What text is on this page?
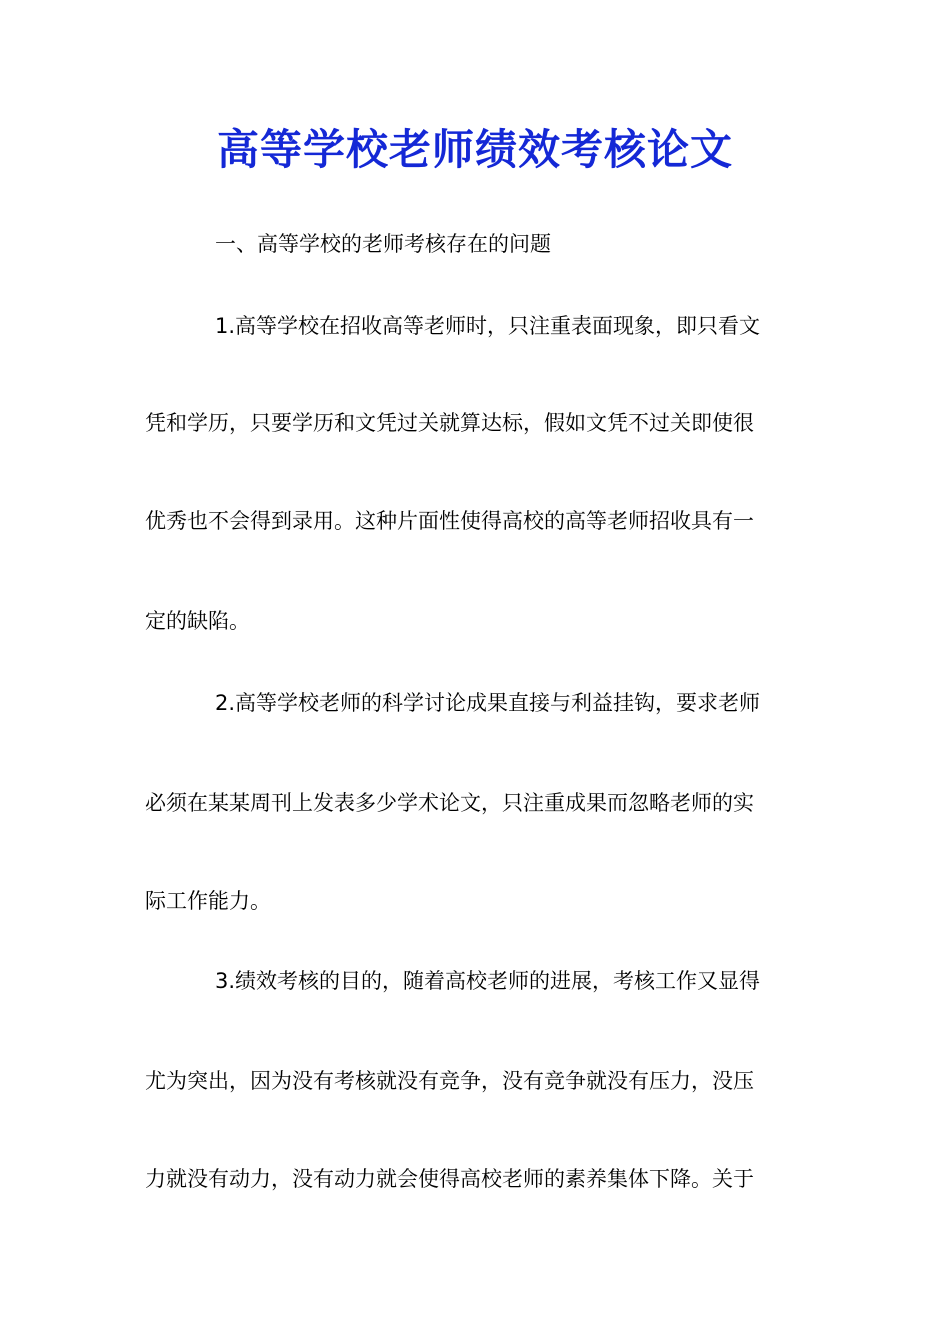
高等学校老师绩效考核论文
一、高等学校的老师考核存在的问题
1.高等学校在招收高等老师时，只注重表面现象，即只看文
凭和学历，只要学历和文凭过关就算达标，假如文凭不过关即使很
优秀也不会得到录用。这种片面性使得高校的高等老师招收具有一
定的缺陷。
2.高等学校老师的科学讨论成果直接与利益挂钩，要求老师
必须在某某周刊上发表多少学术论文，只注重成果而忽略老师的实
际工作能力。
3.绩效考核的目的，随着高校老师的进展，考核工作又显得
尤为突出，因为没有考核就没有竞争，没有竞争就没有压力，没压
力就没有动力，没有动力就会使得高校老师的素养集体下降。关于
